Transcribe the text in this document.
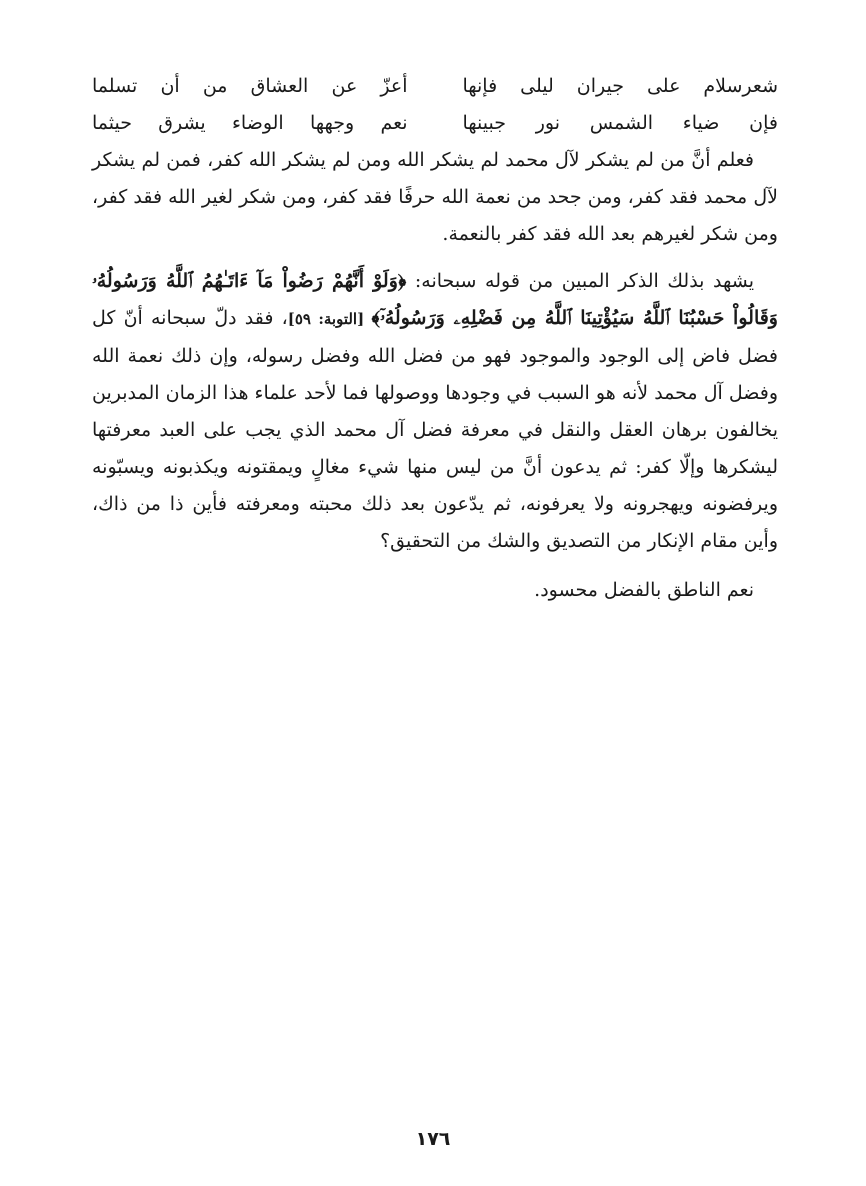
شعرسلام على جيران ليلى فإنها
أعزّ عن العشاق من أن تسلما
فإن ضياء الشمس نور جبينها
نعم وجهها الوضاء يشرق حيثما

فعلم أنَّ من لم يشكر لآل محمد لم يشكر الله ومن لم يشكر الله كفر، فمن لم يشكر لآل محمد فقد كفر، ومن جحد من نعمة الله حرفًا فقد كفر، ومن شكر لغير الله فقد كفر، ومن شكر لغيرهم بعد الله فقد كفر بالنعمة.

يشهد بذلك الذكر المبين من قوله سبحانه: ﴿وَلَوْ أَنَّهُمْ رَضُواْ مَآ ءَاتَـٰهُمُ ٱللَّهُ وَرَسُولُهُۥ وَقَالُواْ حَسْبُنَا ٱللَّهُ سَيُؤْتِينَا ٱللَّهُ مِن فَضْلِهِۦ وَرَسُولُهُۥٓ﴾ [التوبة: ٥٩]، فقد دلّ سبحانه أنّ كل فضل فاض إلى الوجود والموجود فهو من فضل الله وفضل رسوله، وإن ذلك نعمة الله وفضل آل محمد لأنه هو السبب في وجودها ووصولها فما لأحد علماء هذا الزمان المدبرين يخالفون برهان العقل والنقل في معرفة فضل آل محمد الذي يجب على العبد معرفتها ليشكرها وإلّا كفر: ثم يدعون أنَّ من ليس منها شيء مغالٍ ويمقتونه ويكذبونه ويسبّونه ويرفضونه ويهجرونه ولا يعرفونه، ثم يدّعون بعد ذلك محبته ومعرفته فأين ذا من ذاك، وأين مقام الإنكار من التصديق والشك من التحقيق؟

نعم الناطق بالفضل محسود.

١٧٦
